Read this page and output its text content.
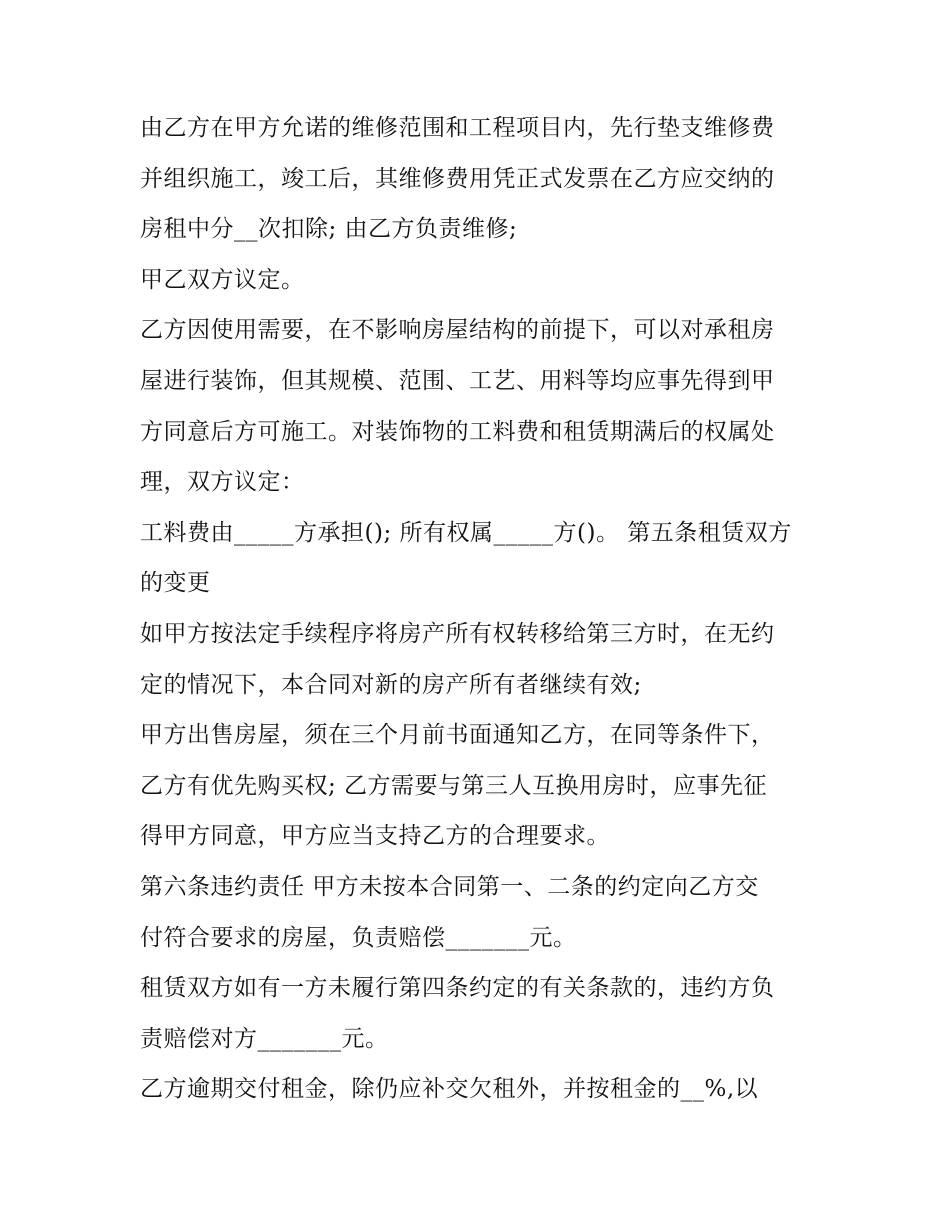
由乙方在甲方允诺的维修范围和工程项目内，先行垫支维修费
并组织施工，竣工后，其维修费用凭正式发票在乙方应交纳的
房租中分__次扣除; 由乙方负责维修;
甲乙双方议定。
乙方因使用需要，在不影响房屋结构的前提下，可以对承租房
屋进行装饰，但其规模、范围、工艺、用料等均应事先得到甲
方同意后方可施工。对装饰物的工料费和租赁期满后的权属处
理，双方议定：
工料费由_____方承担(); 所有权属_____方()。 第五条租赁双方
的变更
如甲方按法定手续程序将房产所有权转移给第三方时，在无约
定的情况下，本合同对新的房产所有者继续有效;
甲方出售房屋，须在三个月前书面通知乙方，在同等条件下，
乙方有优先购买权; 乙方需要与第三人互换用房时，应事先征
得甲方同意，甲方应当支持乙方的合理要求。
第六条违约责任 甲方未按本合同第一、二条的约定向乙方交
付符合要求的房屋，负责赔偿_______元。
租赁双方如有一方未履行第四条约定的有关条款的，违约方负
责赔偿对方_______元。
乙方逾期交付租金，除仍应补交欠租外，并按租金的__%,以
